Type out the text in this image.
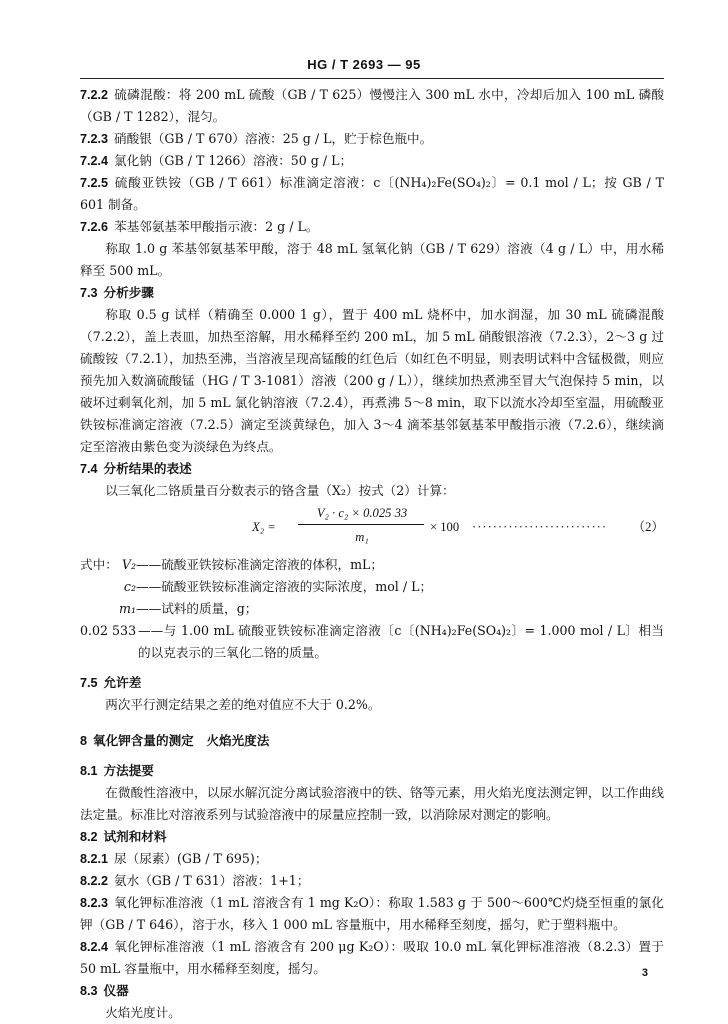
HG / T 2693 — 95

7.2.2 硫磷混酸：将 200 mL 硫酸（GB / T 625）慢慢注入 300 mL 水中，冷却后加入 100 mL 磷酸（GB / T 1282），混匀。

7.2.3 硝酸银（GB / T 670）溶液：25 g / L，贮于棕色瓶中。

7.2.4 氯化钠（GB / T 1266）溶液：50 g / L；

7.2.5 硫酸亚铁铵（GB / T 661）标准滴定溶液：c〔(NH₄)₂Fe(SO₄)₂〕= 0.1 mol / L；按 GB / T 601 制备。

7.2.6 苯基邻氨基苯甲酸指示液：2 g / L。

称取 1.0 g 苯基邻氨基苯甲酸，溶于 48 mL 氢氧化钠（GB / T 629）溶液（4 g / L）中，用水稀释至 500 mL。

7.3 分析步骤

称取 0.5 g 试样（精确至 0.000 1 g），置于 400 mL 烧杯中，加水润湿，加 30 mL 硫磷混酸（7.2.2），盖上表皿，加热至溶解，用水稀释至约 200 mL，加 5 mL 硝酸银溶液（7.2.3），2～3 g 过硫酸铵（7.2.1），加热至沸，当溶液呈现高锰酸的红色后（如红色不明显，则表明试料中含锰极微，则应预先加入数滴硫酸锰（HG / T 3-1081）溶液（200 g / L）），继续加热煮沸至冒大气泡保持 5 min，以破坏过剩氧化剂，加 5 mL 氯化钠溶液（7.2.4），再煮沸 5～8 min，取下以流水冷却至室温，用硫酸亚铁铵标准滴定溶液（7.2.5）滴定至淡黄绿色，加入 3～4 滴苯基邻氨基苯甲酸指示液（7.2.6），继续滴定至溶液由紫色变为淡绿色为终点。

7.4 分析结果的表述

以三氧化二铬质量百分数表示的铬含量（X₂）按式（2）计算：

X₂ =
V₂ · c₂ × 0.025 33
m₁
× 100 ·························· （2）
式中： V₂ ——硫酸亚铁铵标准滴定溶液的体积，mL；
c₂ ——硫酸亚铁铵标准滴定溶液的实际浓度，mol / L；
m₁ ——试料的质量，g；
0.02 533 ——与 1.00 mL 硫酸亚铁铵标准滴定溶液〔c〔(NH₄)₂Fe(SO₄)₂〕= 1.000 mol / L〕相当的以克表示的三氧化二铬的质量。

7.5 允许差

两次平行测定结果之差的绝对值应不大于 0.2%。

8 氧化钾含量的测定　火焰光度法

8.1 方法提要

在微酸性溶液中，以尿水解沉淀分离试验溶液中的铁、铬等元素，用火焰光度法测定钾，以工作曲线法定量。标准比对溶液系列与试验溶液中的尿量应控制一致，以消除尿对测定的影响。

8.2 试剂和材料

8.2.1 尿（尿素）(GB / T 695)；

8.2.2 氨水（GB / T 631）溶液：1+1；

8.2.3 氧化钾标准溶液（1 mL 溶液含有 1 mg K₂O）：称取 1.583 g 于 500～600℃灼烧至恒重的氯化钾（GB / T 646），溶于水，移入 1 000 mL 容量瓶中，用水稀释至刻度，摇匀，贮于塑料瓶中。

8.2.4 氧化钾标准溶液（1 mL 溶液含有 200 μg K₂O）：吸取 10.0 mL 氧化钾标准溶液（8.2.3）置于 50 mL 容量瓶中，用水稀释至刻度，摇匀。

8.3 仪器

火焰光度计。

3
